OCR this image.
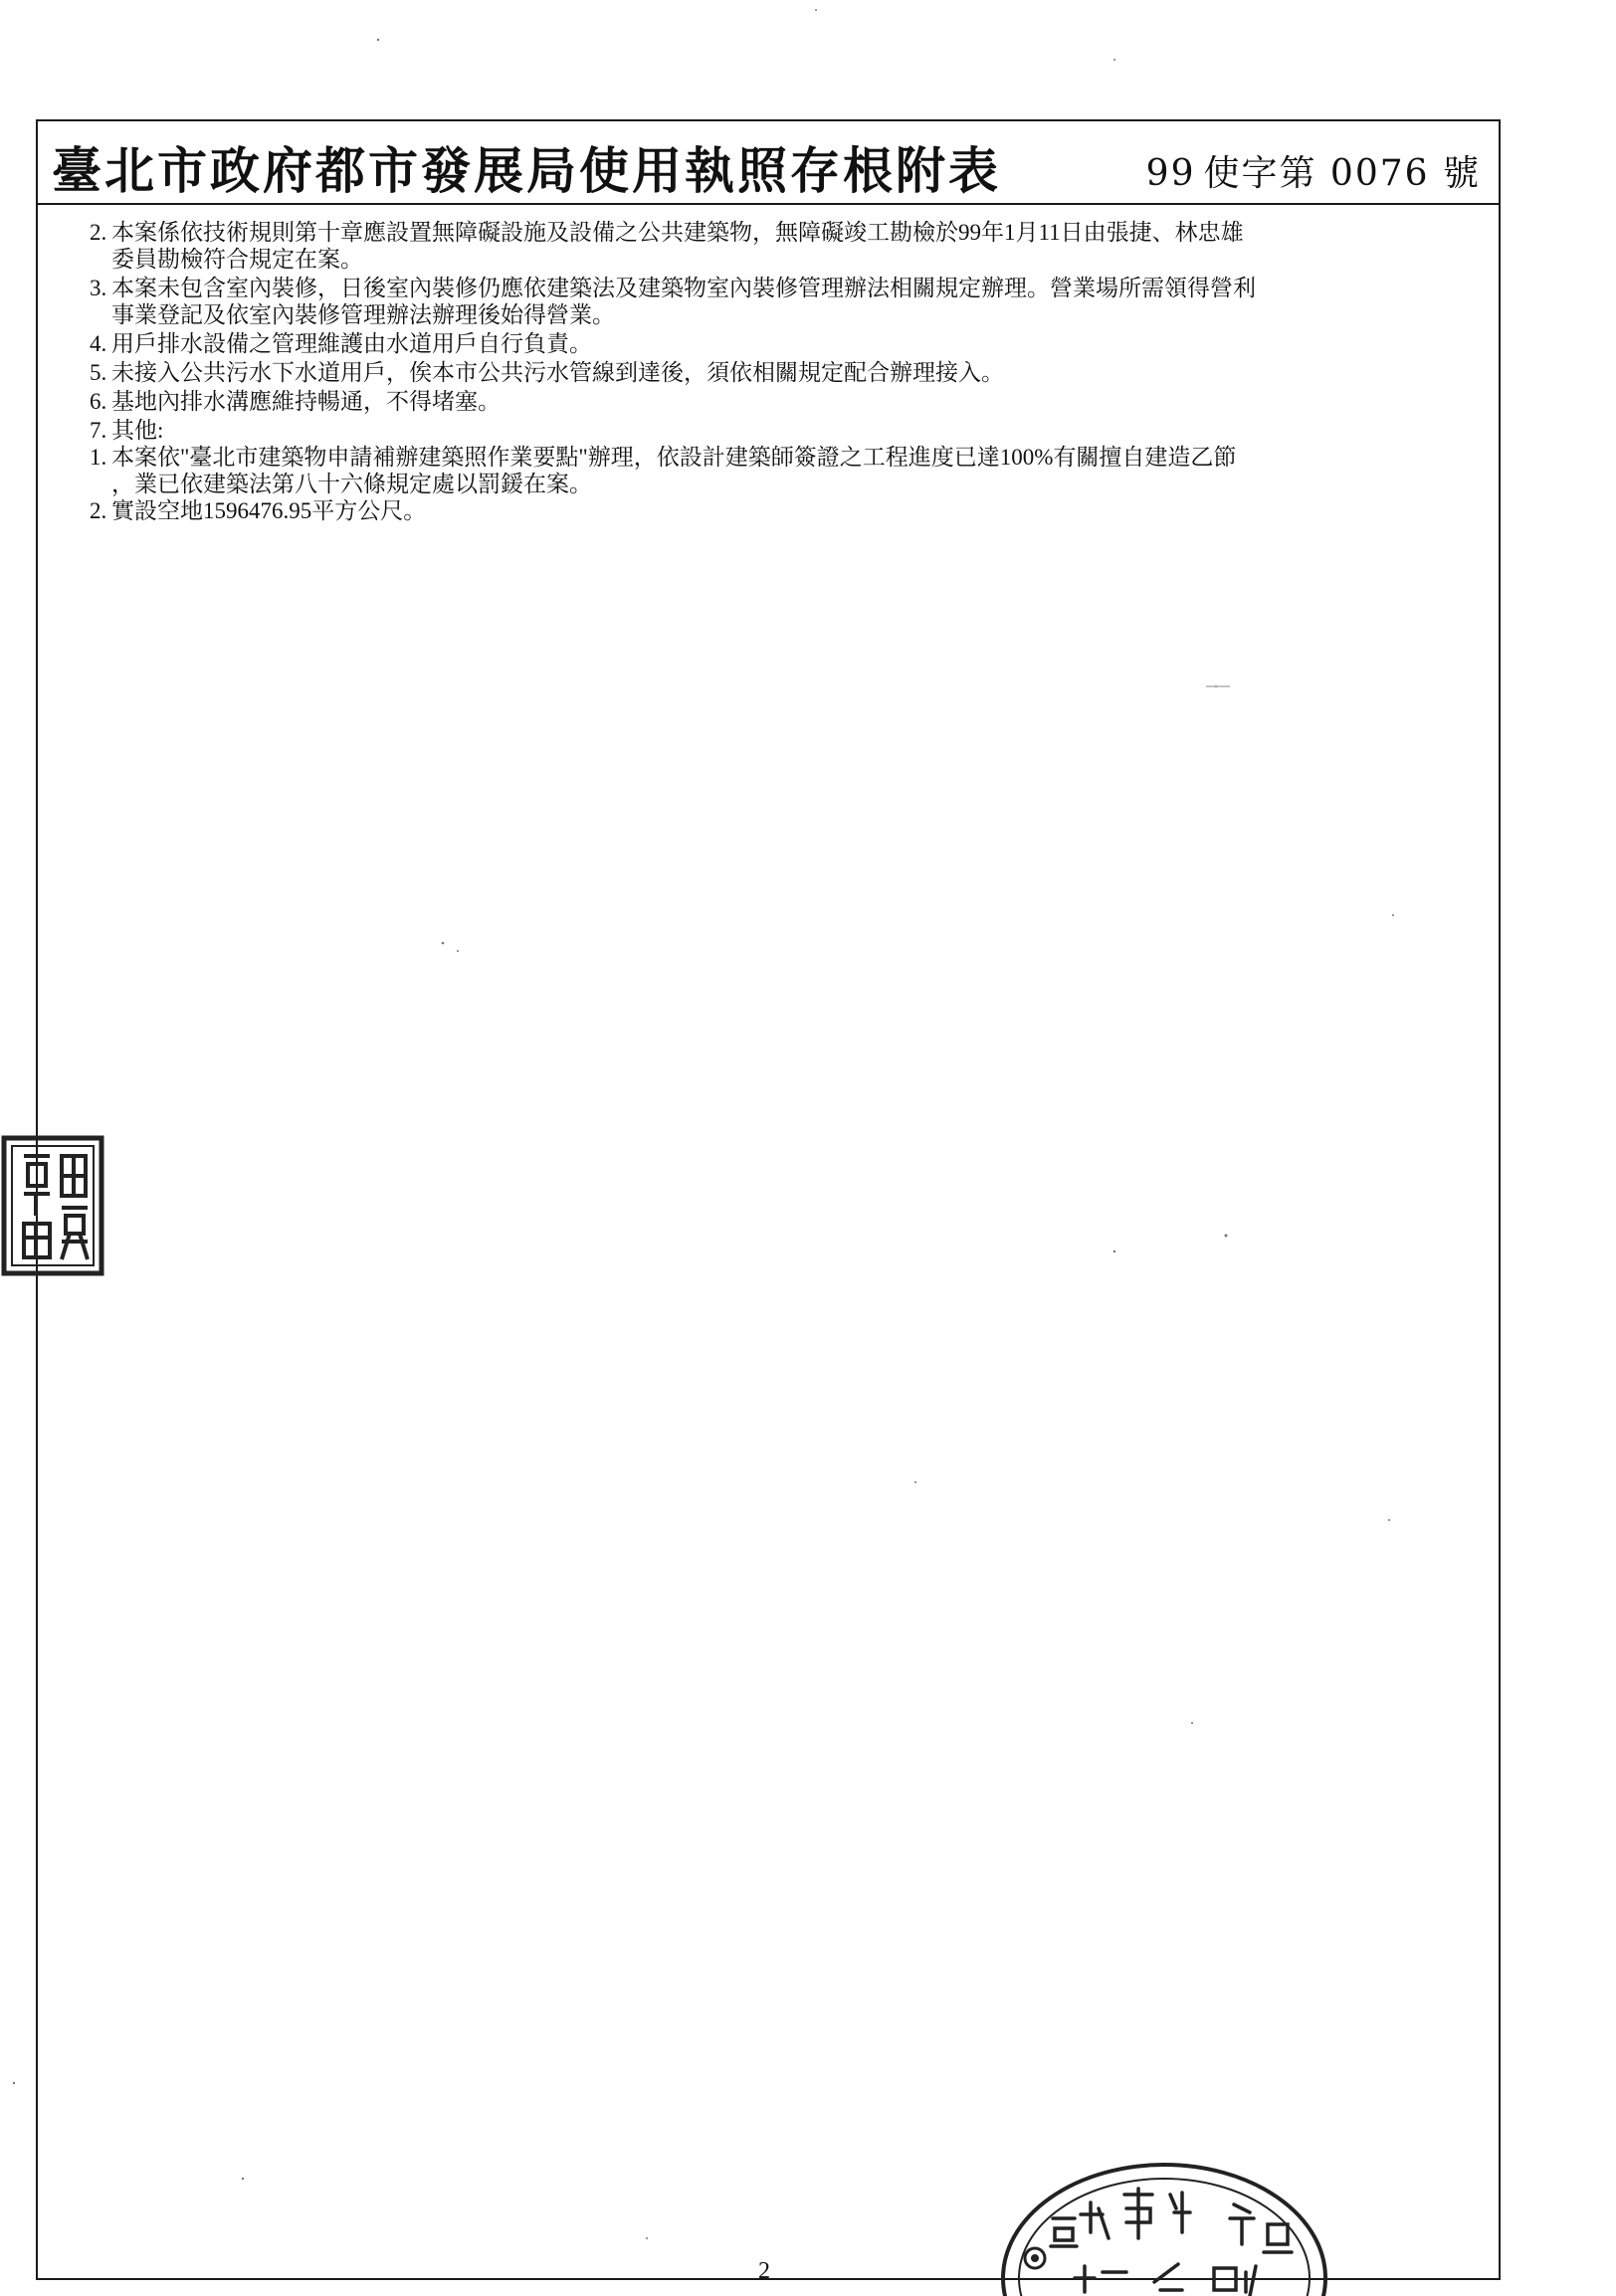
臺北市政府都市發展局使用執照存根附表	99 使字第 0076 號
2. 本案係依技術規則第十章應設置無障礙設施及設備之公共建築物，無障礙竣工勘檢於99年1月11日由張捷、林忠雄
委員勘檢符合規定在案。
3. 本案未包含室內裝修，日後室內裝修仍應依建築法及建築物室內裝修管理辦法相關規定辦理。營業場所需領得營利
事業登記及依室內裝修管理辦法辦理後始得營業。
4. 用戶排水設備之管理維護由水道用戶自行負責。
5. 未接入公共污水下水道用戶，俟本市公共污水管線到達後，須依相關規定配合辦理接入。
6. 基地內排水溝應維持暢通，不得堵塞。
7. 其他:
1. 本案依"臺北市建築物申請補辦建築照作業要點"辦理，依設計建築師簽證之工程進度已達100%有關擅自建造乙節
，業已依建築法第八十六條規定處以罰鍰在案。
2. 實設空地1596476.95平方公尺。
2
